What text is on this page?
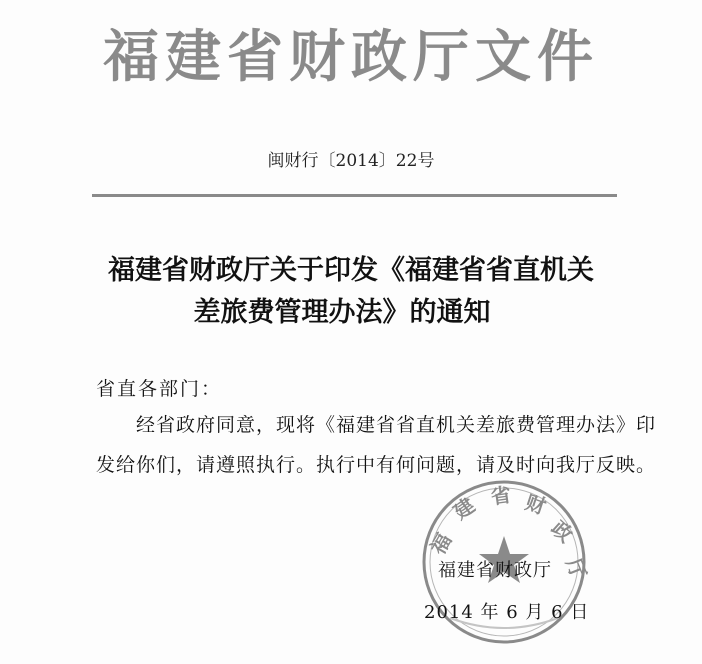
福建省财政厅文件
闽财行〔2014〕22号
福建省财政厅关于印发《福建省省直机关
差旅费管理办法》的通知
省直各部门：
经省政府同意，现将《福建省省直机关差旅费管理办法》印
发给你们，请遵照执行。执行中有何问题，请及时向我厅反映。
福
建 省 财
政
厅
福建省财政厅
2014 年 6 月 6 日
